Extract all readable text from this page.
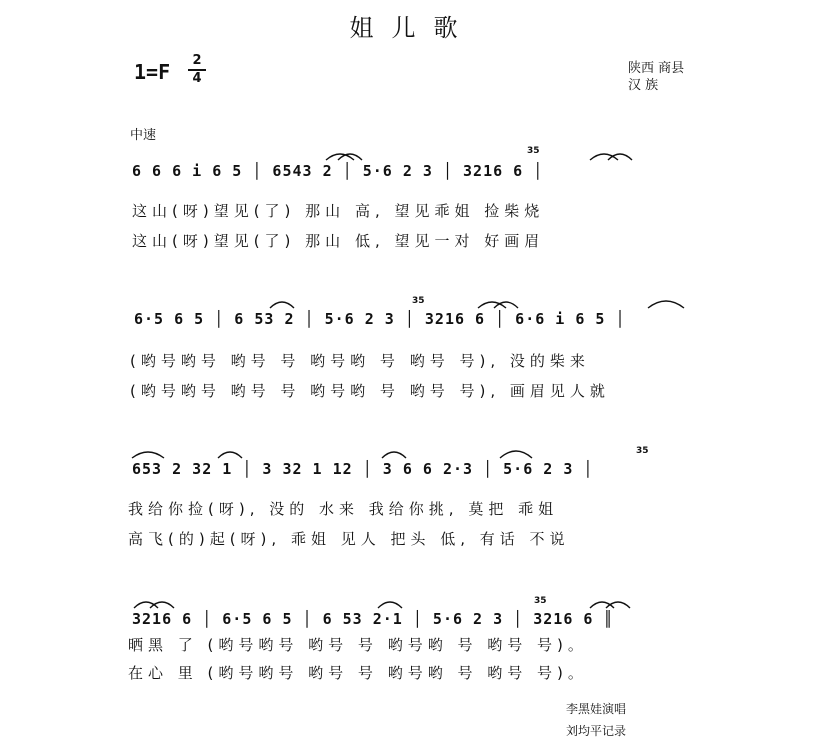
姐儿歌
1=F	2
4
陕西 商县
汉 族
中速
6 6 6 i 6 5 │ 6543 2 │ 5·6 2 3 │ 3216 6 │
这山(呀)望见(了) 那山 高, 望见乖姐 捡柴烧
这山(呀)望见(了) 那山 低, 望见一对 好画眉
6·5 6 5 │ 6 53 2 │ 5·6 2 3 │ 3216 6 │ 6·6 i 6 5 │
(哟号哟号 哟号 号 哟号哟 号 哟号 号), 没的柴来
(哟号哟号 哟号 号 哟号哟 号 哟号 号), 画眉见人就
653 2 32 1 │ 3 32 1 12 │ 3 6 6 2·3 │ 5·6 2 3 │
我给你捡(呀), 没的 水来 我给你挑, 莫把 乖姐
高飞(的)起(呀), 乖姐 见人 把头 低, 有话 不说
3216 6 │ 6·5 6 5 │ 6 53 2·1 │ 5·6 2 3 │ 3216 6 ║
晒黑 了 (哟号哟号 哟号 号 哟号哟 号 哟号 号)。
在心 里 (哟号哟号 哟号 号 哟号哟 号 哟号 号)。
35
35
35
35
李黑娃演唱
刘均平记录
